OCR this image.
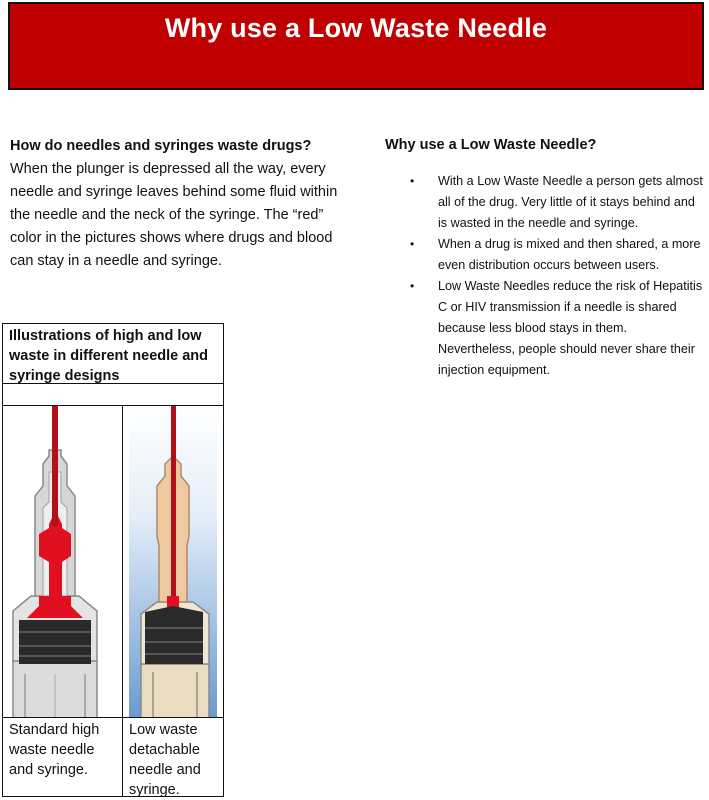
Why use a Low Waste Needle
How do needles and syringes waste drugs?
When the plunger is depressed all the way, every needle and syringe leaves behind some fluid within the needle and the neck of the syringe. The “red” color in the pictures shows where drugs and blood can stay in a needle and syringe.
Why use a Low Waste Needle?
• With a Low Waste Needle a person gets almost all of the drug. Very little of it stays behind and is wasted in the needle and syringe.
• When a drug is mixed and then shared, a more even distribution occurs between users.
• Low Waste Needles reduce the risk of Hepatitis C or HIV transmission if a needle is shared because less blood stays in them. Nevertheless, people should never share their injection equipment.
Illustrations of high and low waste in different needle and syringe designs
Standard high waste needle and syringe.
Low waste detachable needle and syringe.
